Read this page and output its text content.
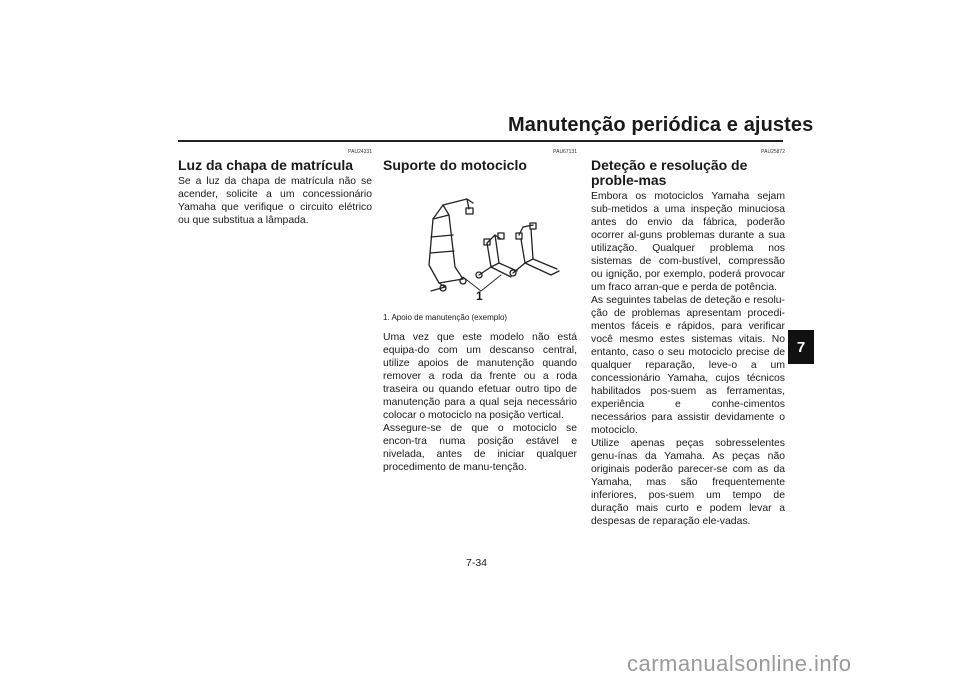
Manutenção periódica e ajustes
7
PAU24331
Luz da chapa de matrícula

Se a luz da chapa de matrícula não se acender, solicite a um concessionário Yamaha que verifique o circuito elétrico ou que substitua a lâmpada.

PAU67131
Suporte do motociclo
1
1. Apoio de manutenção (exemplo)

Uma vez que este modelo não está equipa-do com um descanso central, utilize apoios de manutenção quando remover a roda da frente ou a roda traseira ou quando efetuar outro tipo de manutenção para a qual seja necessário colocar o motociclo na posição vertical.
Assegure-se de que o motociclo se encon-tra numa posição estável e nivelada, antes de iniciar qualquer procedimento de manu-tenção.

PAU25872
Deteção e resolução de proble-mas

Embora os motociclos Yamaha sejam sub-metidos a uma inspeção minuciosa antes do envio da fábrica, poderão ocorrer al-guns problemas durante a sua utilização. Qualquer problema nos sistemas de com-bustível, compressão ou ignição, por exemplo, poderá provocar um fraco arran-que e perda de potência.
As seguintes tabelas de deteção e resolu-ção de problemas apresentam procedi-mentos fáceis e rápidos, para verificar você mesmo estes sistemas vitais. No entanto, caso o seu motociclo precise de qualquer reparação, leve-o a um concessionário Yamaha, cujos técnicos habilitados pos-suem as ferramentas, experiência e conhe-cimentos necessários para assistir devidamente o motociclo.
Utilize apenas peças sobresselentes genu-ínas da Yamaha. As peças não originais poderão parecer-se com as da Yamaha, mas são frequentemente inferiores, pos-suem um tempo de duração mais curto e podem levar a despesas de reparação ele-vadas.

7-34
carmanualsonline.info
